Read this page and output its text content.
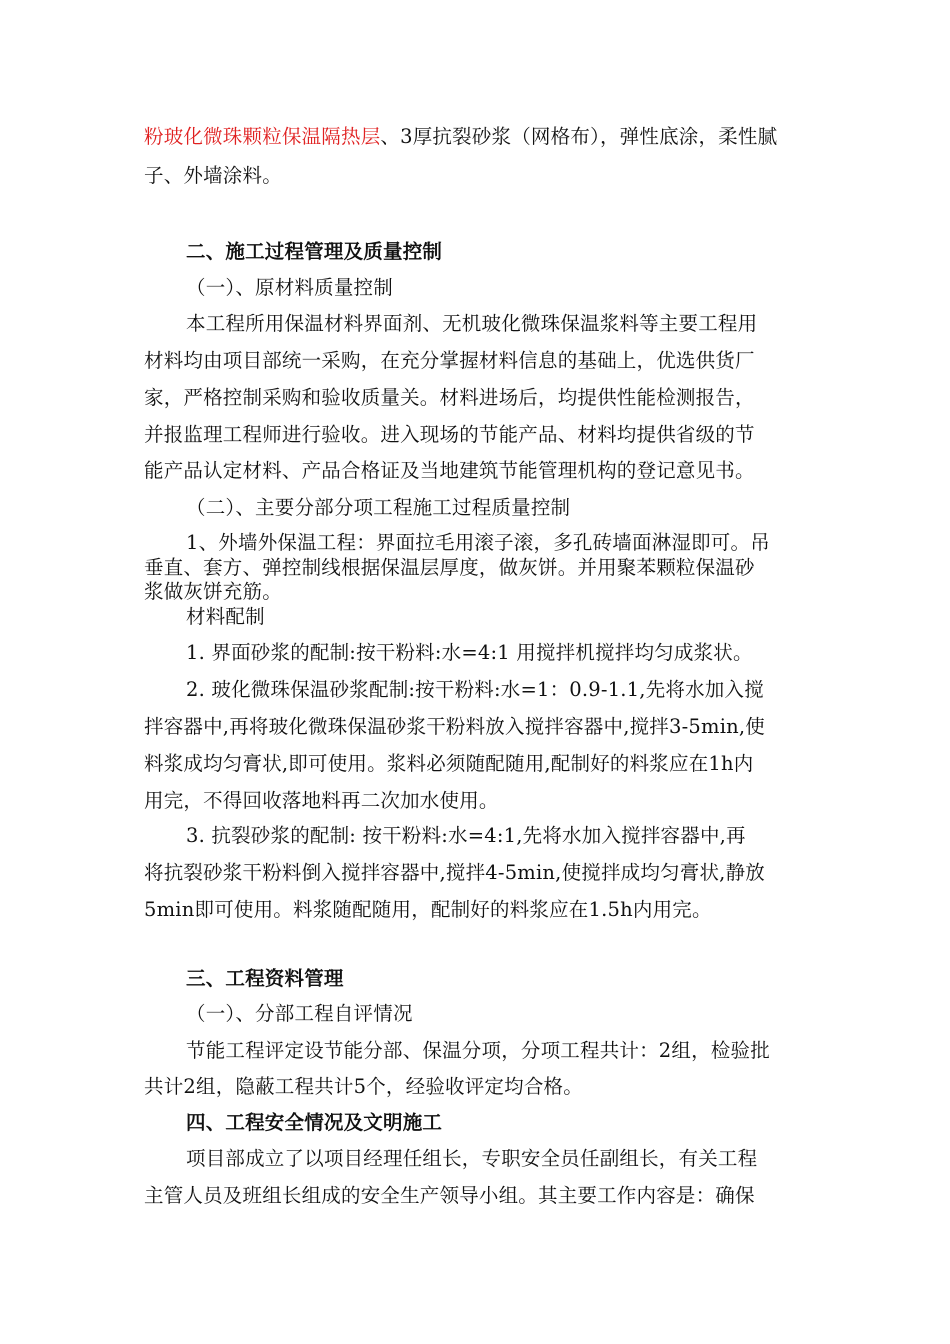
粉玻化微珠颗粒保温隔热层、3厚抗裂砂浆（网格布），弹性底涂，柔性腻
子、外墙涂料。
二、施工过程管理及质量控制
（一）、原材料质量控制
本工程所用保温材料界面剂、无机玻化微珠保温浆料等主要工程用
材料均由项目部统一采购，在充分掌握材料信息的基础上，优选供货厂
家，严格控制采购和验收质量关。材料进场后，均提供性能检测报告，
并报监理工程师进行验收。进入现场的节能产品、材料均提供省级的节
能产品认定材料、产品合格证及当地建筑节能管理机构的登记意见书。
（二）、主要分部分项工程施工过程质量控制
1、外墙外保温工程：界面拉毛用滚子滚，多孔砖墙面淋湿即可。吊
垂直、套方、弹控制线根据保温层厚度，做灰饼。并用聚苯颗粒保温砂
浆做灰饼充筋。
材料配制
1. 界面砂浆的配制:按干粉料:水=4:1 用搅拌机搅拌均匀成浆状。
2. 玻化微珠保温砂浆配制:按干粉料:水=1：0.9-1.1,先将水加入搅
拌容器中,再将玻化微珠保温砂浆干粉料放入搅拌容器中,搅拌3-5min,使
料浆成均匀膏状,即可使用。浆料必须随配随用,配制好的料浆应在1h内
用完，不得回收落地料再二次加水使用。
3. 抗裂砂浆的配制: 按干粉料:水=4:1,先将水加入搅拌容器中,再
将抗裂砂浆干粉料倒入搅拌容器中,搅拌4-5min,使搅拌成均匀膏状,静放
5min即可使用。料浆随配随用，配制好的料浆应在1.5h内用完。
三、工程资料管理
（一）、分部工程自评情况
节能工程评定设节能分部、保温分项，分项工程共计：2组，检验批
共计2组，隐蔽工程共计5个，经验收评定均合格。
四、工程安全情况及文明施工
项目部成立了以项目经理任组长，专职安全员任副组长，有关工程
主管人员及班组长组成的安全生产领导小组。其主要工作内容是：确保
